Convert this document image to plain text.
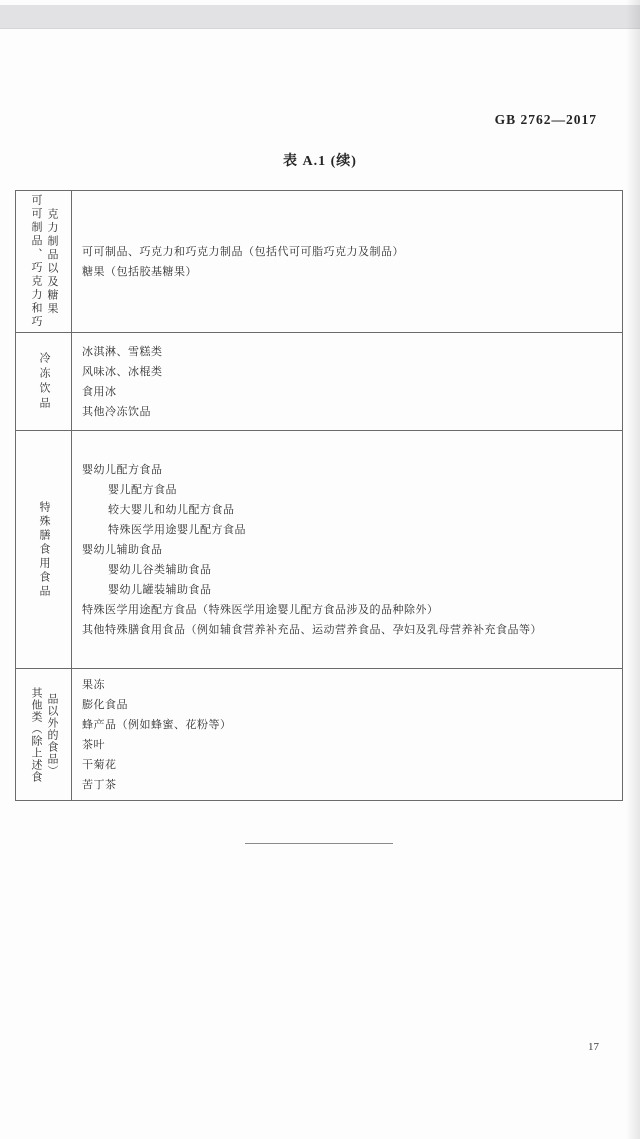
GB 2762—2017
表 A.1 (续)
可可制品、巧克力和巧 克力制品以及糖果 可可制品、巧克力和巧克力制品（包括代可可脂巧克力及制品）
糖果（包括胶基糖果）
冷冻饮品	冰淇淋、雪糕类
风味冰、冰棍类
食用冰
其他冷冻饮品
特殊膳食用食品
婴幼儿配方食品
婴儿配方食品
较大婴儿和幼儿配方食品
特殊医学用途婴儿配方食品
婴幼儿辅助食品
婴幼儿谷类辅助食品
婴幼儿罐装辅助食品
特殊医学用途配方食品（特殊医学用途婴儿配方食品涉及的品种除外）
其他特殊膳食用食品（例如辅食营养补充品、运动营养食品、孕妇及乳母营养补充食品等）
其他类（除上述食 品以外的食品）
果冻
膨化食品
蜂产品（例如蜂蜜、花粉等）
茶叶
干菊花
苦丁茶
17
